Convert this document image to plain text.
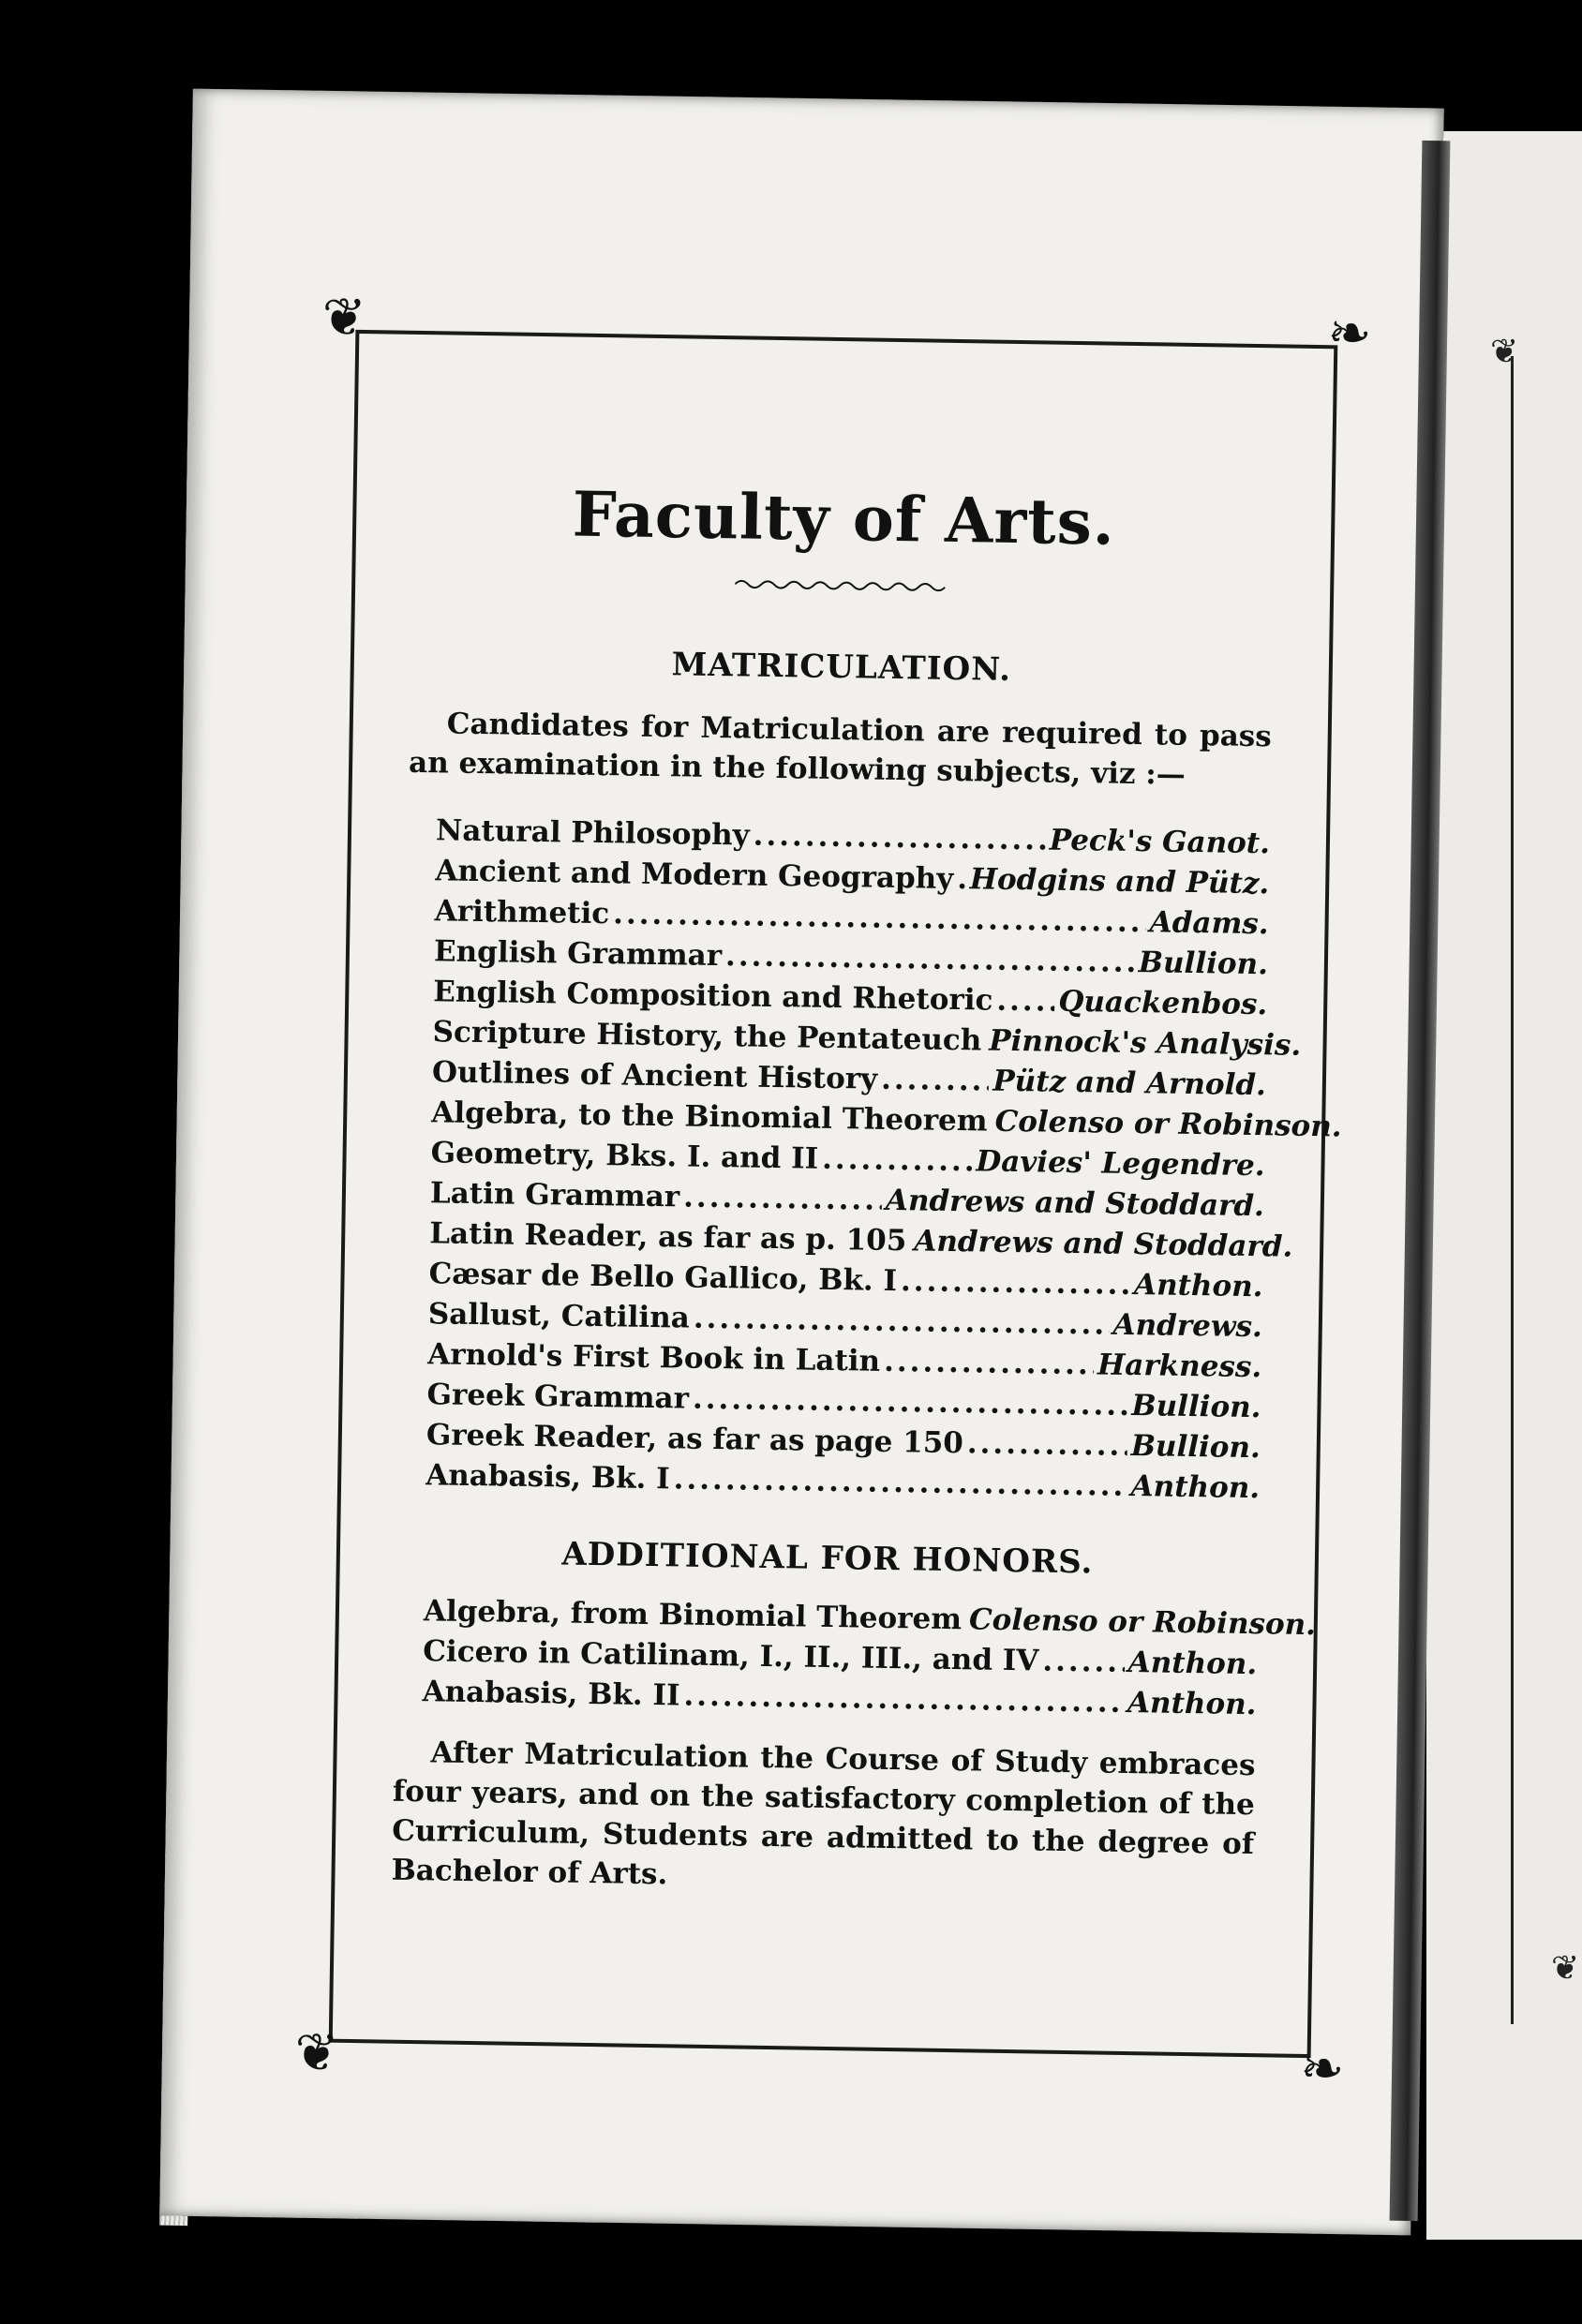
❦
❦
❦	❧
❦	❧
Faculty of Arts.
MATRICULATION.

Candidates for Matriculation are required to pass an examination in the following subjects, viz :—

Natural Philosophy .....	Peck's Ganot.
Ancient and Modern Geography ..... Hodgins and Pütz.
Arithmetic .....	Adams.
English Grammar .....	Bullion.
English Composition and Rhetoric ..... Quackenbos.
Scripture History, the Pentateuch ..... Pinnock's Analysis.
Outlines of Ancient History .....	Pütz and Arnold.
Algebra, to the Binomial Theorem ..... Colenso or Robinson.
Geometry, Bks. I. and II .....	Davies' Legendre.
Latin Grammar .....	Andrews and Stoddard.
Latin Reader, as far as p. 105 ..... Andrews and Stoddard.
Cæsar de Bello Gallico, Bk. I .....	Anthon.
Sallust, Catilina .....	Andrews.
Arnold's First Book in Latin .....	Harkness.
Greek Grammar .....	Bullion.
Greek Reader, as far as page 150 .....	Bullion.
Anabasis, Bk. I .....	Anthon.
ADDITIONAL FOR HONORS.
Algebra, from Binomial Theorem ..... Colenso or Robinson.
Cicero in Catilinam, I., II., III., and IV .....	Anthon.
Anabasis, Bk. II .....	Anthon.

After Matriculation the Course of Study embraces four years, and on the satisfactory completion of the Curriculum, Students are admitted to the degree of Bachelor of Arts.
